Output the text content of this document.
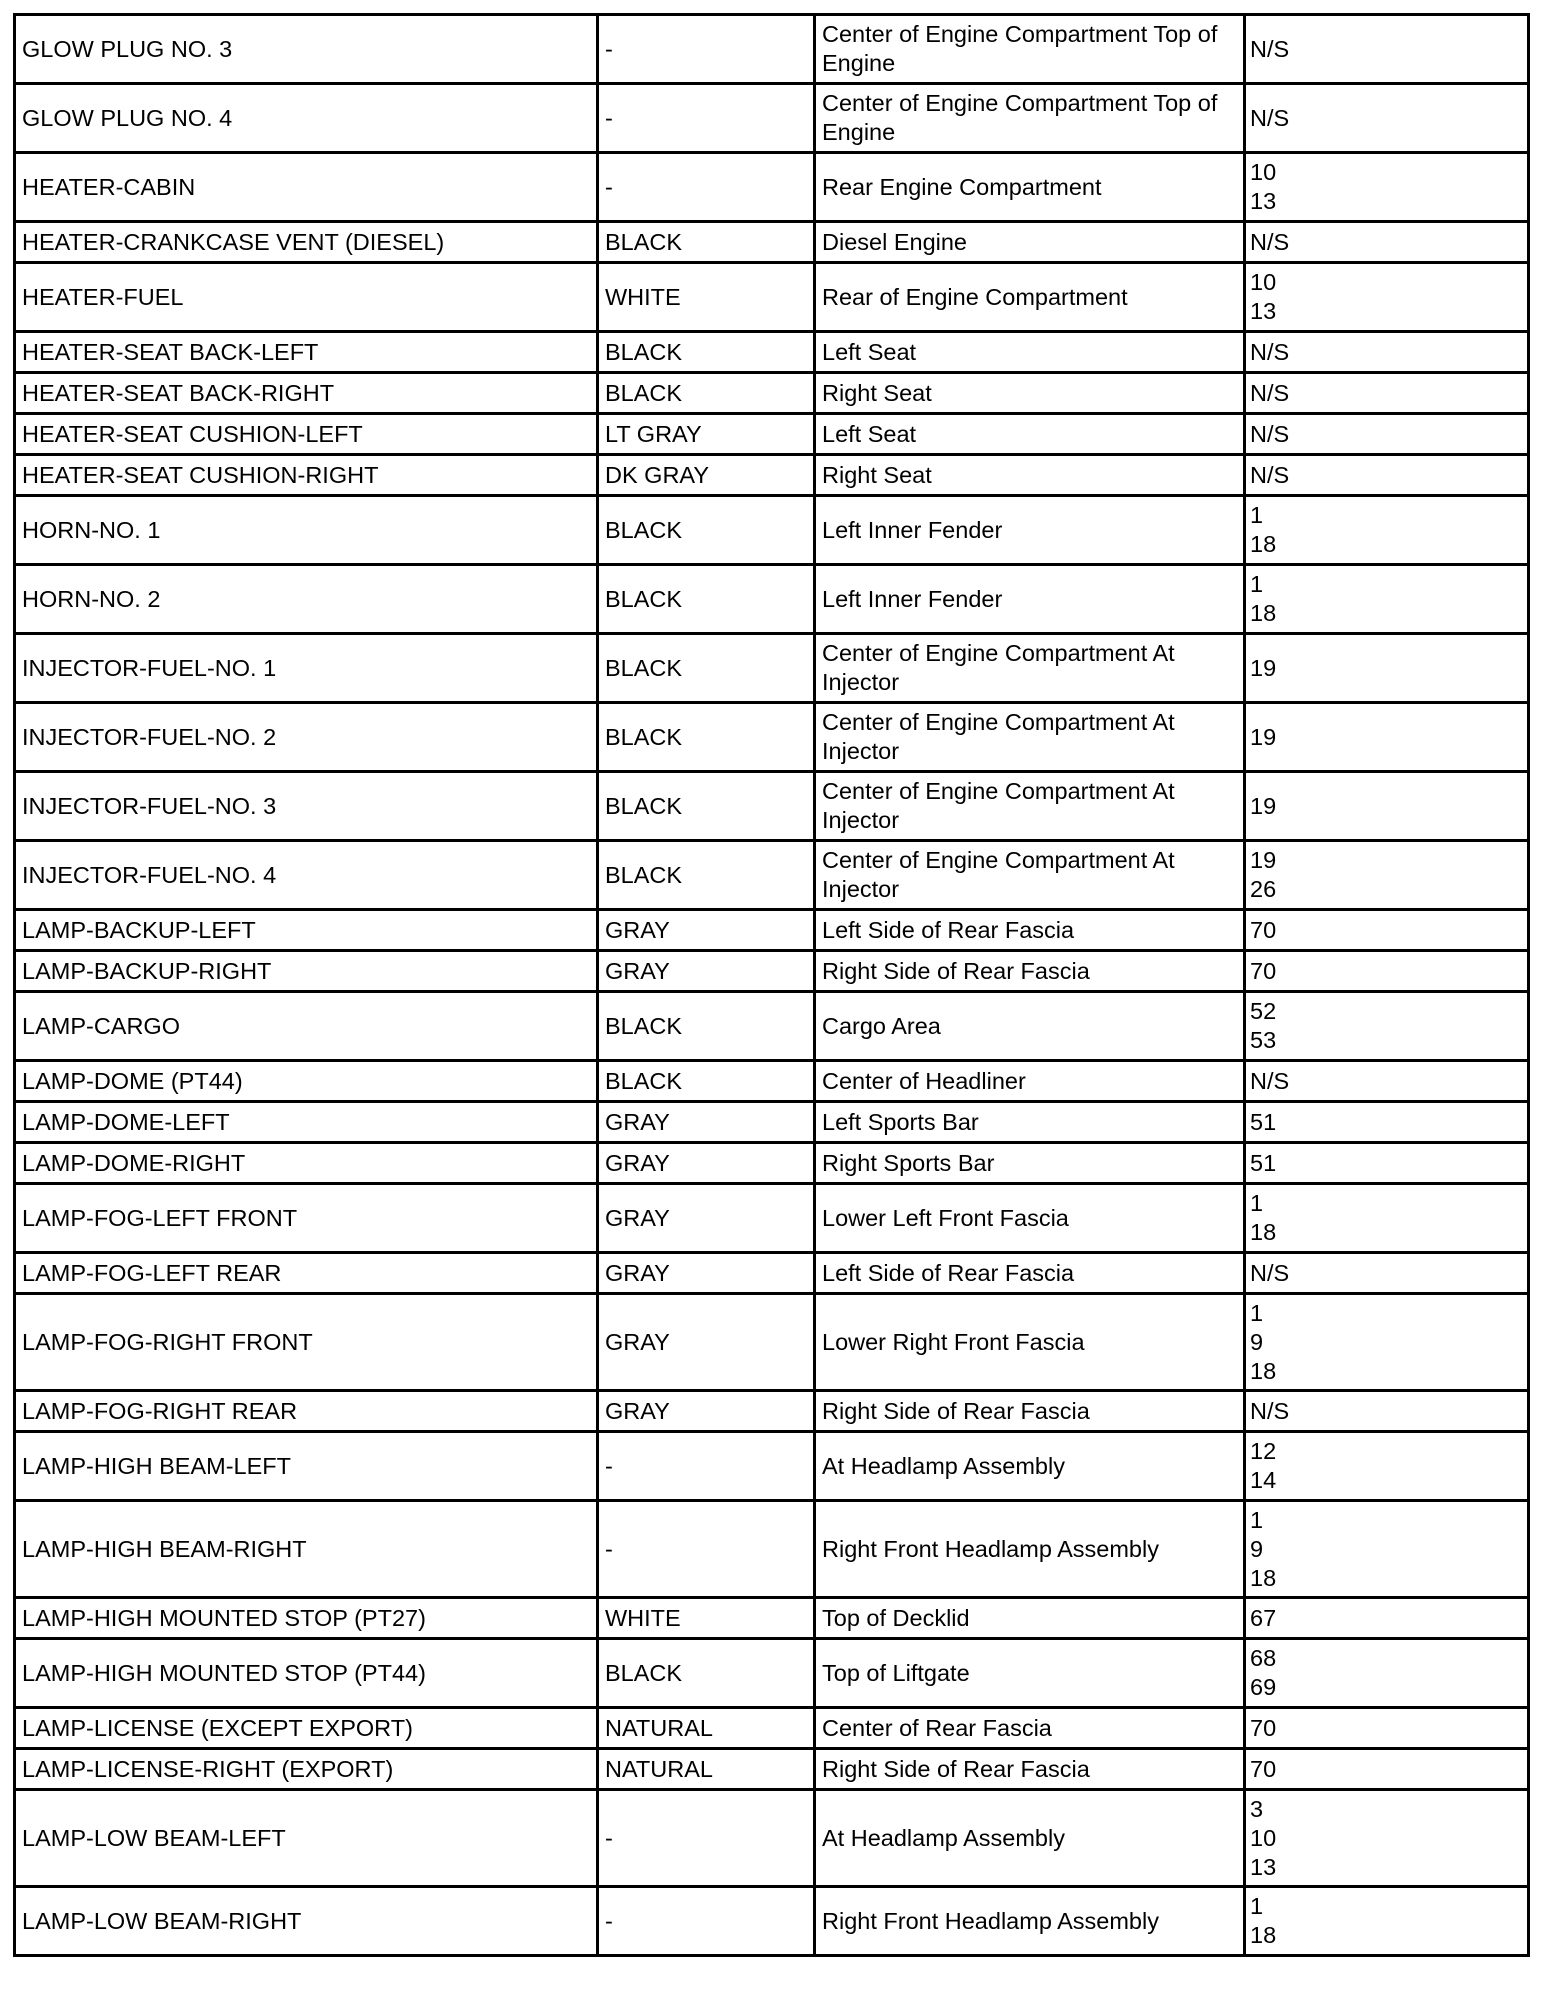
GLOW PLUG NO. 3	-	Center of Engine Compartment Top of Engine	N/S

GLOW PLUG NO. 4	-	Center of Engine Compartment Top of Engine	N/S

HEATER-CABIN	-	Rear Engine Compartment	10
13

HEATER-CRANKCASE VENT (DIESEL)	BLACK	Diesel Engine	N/S

HEATER-FUEL	WHITE	Rear of Engine Compartment	10
13

HEATER-SEAT BACK-LEFT	BLACK	Left Seat	N/S

HEATER-SEAT BACK-RIGHT	BLACK	Right Seat	N/S

HEATER-SEAT CUSHION-LEFT	LT GRAY	Left Seat	N/S

HEATER-SEAT CUSHION-RIGHT	DK GRAY	Right Seat	N/S

HORN-NO. 1	BLACK	Left Inner Fender	1
18

HORN-NO. 2	BLACK	Left Inner Fender	1
18

INJECTOR-FUEL-NO. 1	BLACK	Center of Engine Compartment At Injector	19

INJECTOR-FUEL-NO. 2	BLACK	Center of Engine Compartment At Injector	19

INJECTOR-FUEL-NO. 3	BLACK	Center of Engine Compartment At Injector	19

INJECTOR-FUEL-NO. 4	BLACK	Center of Engine Compartment At Injector	19
26

LAMP-BACKUP-LEFT	GRAY	Left Side of Rear Fascia	70

LAMP-BACKUP-RIGHT	GRAY	Right Side of Rear Fascia	70

LAMP-CARGO	BLACK	Cargo Area	52
53

LAMP-DOME (PT44)	BLACK	Center of Headliner	N/S

LAMP-DOME-LEFT	GRAY	Left Sports Bar	51

LAMP-DOME-RIGHT	GRAY	Right Sports Bar	51

LAMP-FOG-LEFT FRONT	GRAY	Lower Left Front Fascia	1
18

LAMP-FOG-LEFT REAR	GRAY	Left Side of Rear Fascia	N/S

LAMP-FOG-RIGHT FRONT	GRAY	Lower Right Front Fascia	1
9
18

LAMP-FOG-RIGHT REAR	GRAY	Right Side of Rear Fascia	N/S

LAMP-HIGH BEAM-LEFT	-	At Headlamp Assembly	12
14

LAMP-HIGH BEAM-RIGHT	-	Right Front Headlamp Assembly	1
9
18

LAMP-HIGH MOUNTED STOP (PT27)	WHITE	Top of Decklid	67

LAMP-HIGH MOUNTED STOP (PT44)	BLACK	Top of Liftgate	68
69

LAMP-LICENSE (EXCEPT EXPORT)	NATURAL	Center of Rear Fascia	70

LAMP-LICENSE-RIGHT (EXPORT)	NATURAL	Right Side of Rear Fascia	70

LAMP-LOW BEAM-LEFT	-	At Headlamp Assembly	3
10
13

LAMP-LOW BEAM-RIGHT	-	Right Front Headlamp Assembly	1
18
